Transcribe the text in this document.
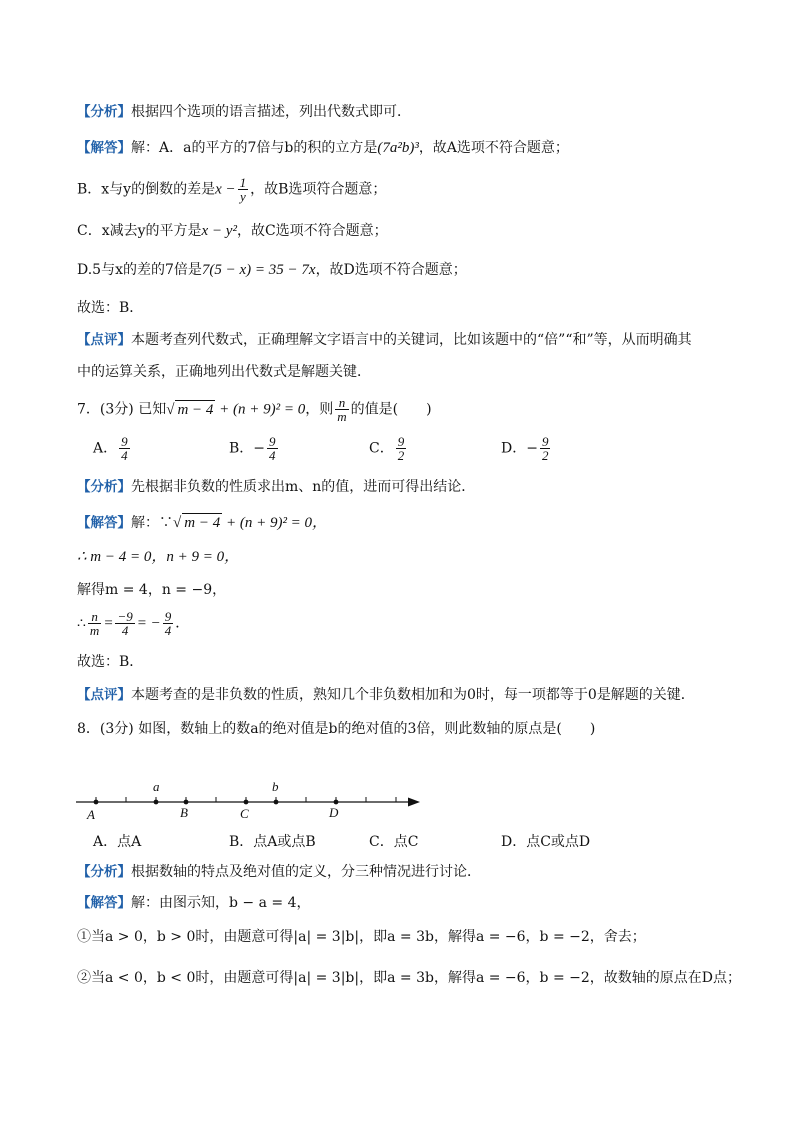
【分析】根据四个选项的语言描述，列出代数式即可．
【解答】解：A．a的平方的7倍与b的积的立方是(7a²b)³，故A选项不符合题意；
B．x与y的倒数的差是$x - \frac{1}{y}$ ，故B选项符合题意；
C．x减去y的平方是x − y²，故C选项不符合题意；
D.5与x的差的7倍是7(5 − x) = 35 − 7x，故D选项不符合题意；
故选：B．
【点评】本题考查列代数式，正确理解文字语言中的关键词，比如该题中的“倍”“和”等，从而明确其
中的运算关系，正确地列出代数式是解题关键．
7．(3分) 已知√ m − 4 + (n + 9)² = 0，则 $\frac{n}{m}$ 的值是(　　)
A． $\frac{9}{4}$	B．− $\frac{9}{4}$	C． $\frac{9}{2}$	D．− $\frac{9}{2}$
【分析】先根据非负数的性质求出m、n的值，进而可得出结论．
【解答】解：∵√ m − 4 + (n + 9)² = 0，
∴ m − 4 = 0，n + 9 = 0，
解得m = 4，n = −9，
∴ $\frac{n}{m} = \frac{-9}{4}$ = − $\frac{9}{4}$ ．
故选：B．
【点评】本题考查的是非负数的性质，熟知几个非负数相加和为0时，每一项都等于0是解题的关键．
8．(3分) 如图，数轴上的数a的绝对值是b的绝对值的3倍，则此数轴的原点是(　　)
a	b
A	B	C	D
A．点A	B．点A或点B	C．点C	D．点C或点D
【分析】根据数轴的特点及绝对值的定义，分三种情况进行讨论．
【解答】解：由图示知，b − a = 4，
①当a > 0，b > 0时，由题意可得|a| = 3|b|，即a = 3b，解得a = −6，b = −2，舍去；
②当a < 0，b < 0时，由题意可得|a| = 3|b|，即a = 3b，解得a = −6，b = −2，故数轴的原点在D点；
